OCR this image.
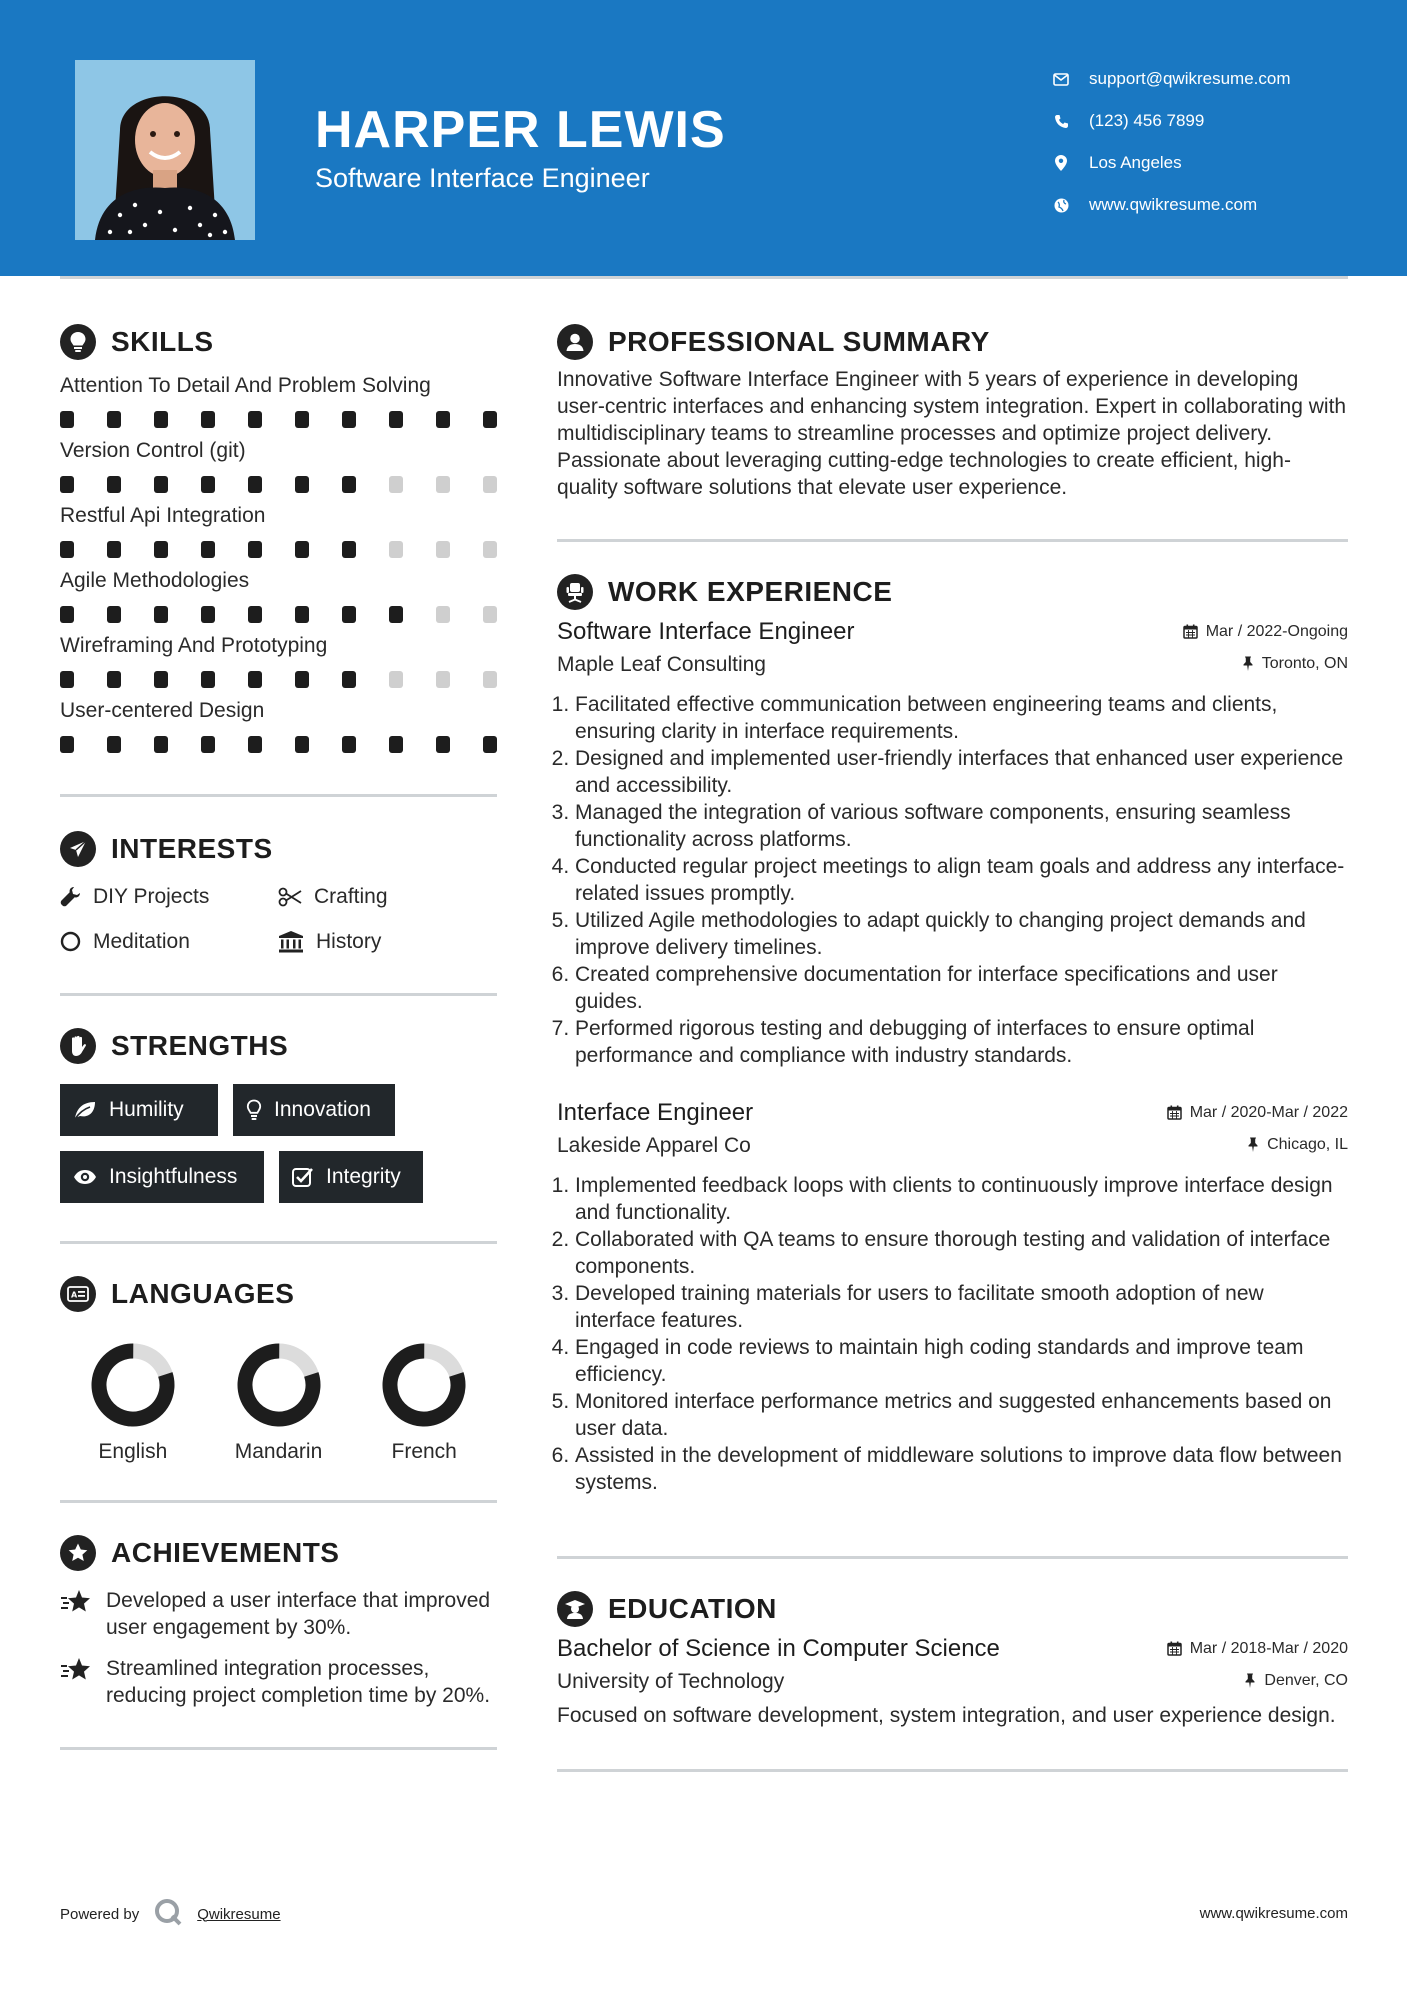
HARPER LEWIS
Software Interface Engineer
support@qwikresume.com
(123) 456 7899
Los Angeles
www.qwikresume.com
SKILLS
Attention To Detail And Problem Solving
Version Control (git)
Restful Api Integration
Agile Methodologies
Wireframing And Prototyping
User-centered Design
INTERESTS
DIY Projects	Crafting
Meditation	History
STRENGTHS
Humility	Innovation
Insightfulness	Integrity
A LANGUAGES
English	Mandarin	French
ACHIEVEMENTS
Developed a user interface that improved user engagement by 30%.
Streamlined integration processes, reducing project completion time by 20%.
PROFESSIONAL SUMMARY

Innovative Software Interface Engineer with 5 years of experience in developing user-centric interfaces and enhancing system integration. Expert in collaborating with multidisciplinary teams to streamline processes and optimize project delivery. Passionate about leveraging cutting-edge technologies to create efficient, high-quality software solutions that elevate user experience.

WORK EXPERIENCE
Software Interface Engineer	Mar / 2022-Ongoing
Maple Leaf Consulting	Toronto, ON
1. Facilitated effective communication between engineering teams and clients, ensuring clarity in interface requirements.
2. Designed and implemented user-friendly interfaces that enhanced user experience and accessibility.
3. Managed the integration of various software components, ensuring seamless functionality across platforms.
4. Conducted regular project meetings to align team goals and address any interface-related issues promptly.
5. Utilized Agile methodologies to adapt quickly to changing project demands and improve delivery timelines.
6. Created comprehensive documentation for interface specifications and user guides.
7. Performed rigorous testing and debugging of interfaces to ensure optimal performance and compliance with industry standards.
Interface Engineer	Mar / 2020-Mar / 2022
Lakeside Apparel Co	Chicago, IL
1. Implemented feedback loops with clients to continuously improve interface design and functionality.
2. Collaborated with QA teams to ensure thorough testing and validation of interface components.
3. Developed training materials for users to facilitate smooth adoption of new interface features.
4. Engaged in code reviews to maintain high coding standards and improve team efficiency.
5. Monitored interface performance metrics and suggested enhancements based on user data.
6. Assisted in the development of middleware solutions to improve data flow between systems.
EDUCATION
Bachelor of Science in Computer Science	Mar / 2018-Mar / 2020
University of Technology	Denver, CO

Focused on software development, system integration, and user experience design.

Powered by	Qwikresume	www.qwikresume.com
